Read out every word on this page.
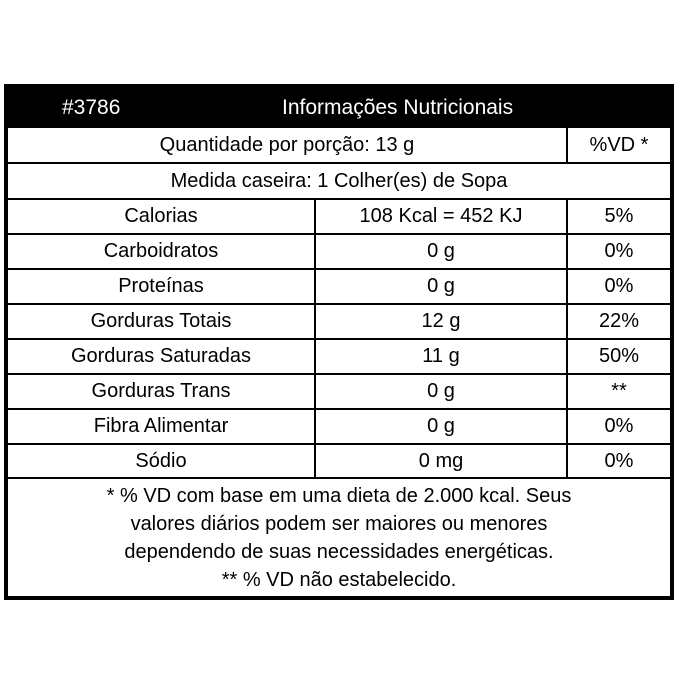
#3786	Informações Nutricionais
Quantidade por porção: 13 g	%VD *
Medida caseira: 1 Colher(es) de Sopa
Calorias	108 Kcal = 452 KJ	5%
Carboidratos	0 g	0%
Proteínas	0 g	0%
Gorduras Totais	12 g	22%
Gorduras Saturadas	11 g	50%
Gorduras Trans	0 g	**
Fibra Alimentar	0 g	0%
Sódio	0 mg	0%
* % VD com base em uma dieta de 2.000 kcal. Seus
valores diários podem ser maiores ou menores
dependendo de suas necessidades energéticas.
** % VD não estabelecido.
